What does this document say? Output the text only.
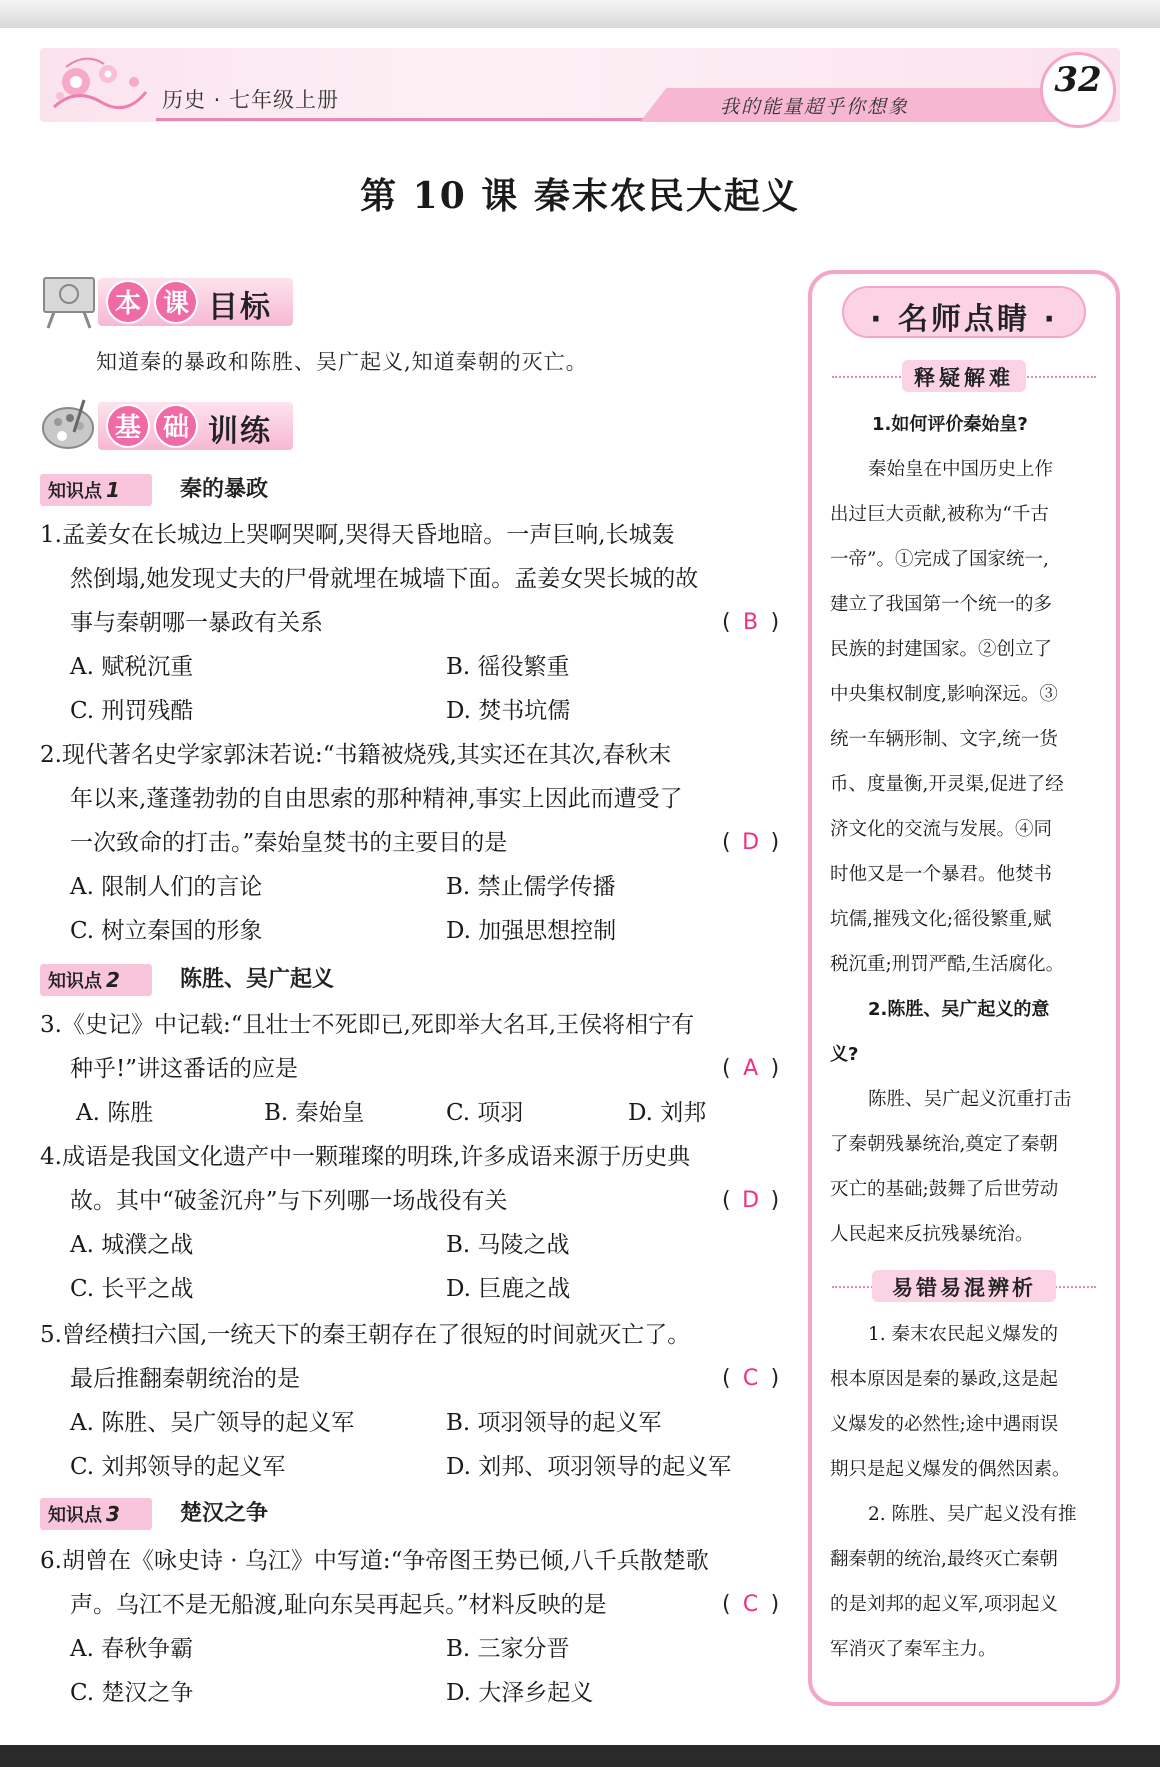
历史 · 七年级上册	我的能量超乎你想象
32
第 10 课 秦末农民大起义
本 课 目标
知道秦的暴政和陈胜、吴广起义,知道秦朝的灭亡。
基 础 训练
知识点 1	秦的暴政
1.孟姜女在长城边上哭啊哭啊,哭得天昏地暗。一声巨响,长城轰
然倒塌,她发现丈夫的尸骨就埋在城墙下面。孟姜女哭长城的故
事与秦朝哪一暴政有关系	( B )
A. 赋税沉重	B. 徭役繁重
C. 刑罚残酷	D. 焚书坑儒
2.现代著名史学家郭沫若说:“书籍被烧残,其实还在其次,春秋末
年以来,蓬蓬勃勃的自由思索的那种精神,事实上因此而遭受了
一次致命的打击。”秦始皇焚书的主要目的是	( D )
A. 限制人们的言论	B. 禁止儒学传播
C. 树立秦国的形象	D. 加强思想控制
知识点 2	陈胜、吴广起义
3.《史记》中记载:“且壮士不死即已,死即举大名耳,王侯将相宁有
种乎!”讲这番话的应是	( A )
A. 陈胜	B. 秦始皇	C. 项羽	D. 刘邦
4.成语是我国文化遗产中一颗璀璨的明珠,许多成语来源于历史典
故。其中“破釜沉舟”与下列哪一场战役有关	( D )
A. 城濮之战	B. 马陵之战
C. 长平之战	D. 巨鹿之战
5.曾经横扫六国,一统天下的秦王朝存在了很短的时间就灭亡了。
最后推翻秦朝统治的是	( C )
A. 陈胜、吴广领导的起义军	B. 项羽领导的起义军
C. 刘邦领导的起义军	D. 刘邦、项羽领导的起义军
知识点 3	楚汉之争
6.胡曾在《咏史诗 · 乌江》中写道:“争帝图王势已倾,八千兵散楚歌
声。乌江不是无船渡,耻向东吴再起兵。”材料反映的是	( C )
A. 春秋争霸	B. 三家分晋
C. 楚汉之争	D. 大泽乡起义
· 名师点睛 ·
释疑解难
1.如何评价秦始皇?
秦始皇在中国历史上作
出过巨大贡献,被称为“千古
一帝”。①完成了国家统一,
建立了我国第一个统一的多
民族的封建国家。②创立了
中央集权制度,影响深远。③
统一车辆形制、文字,统一货
币、度量衡,开灵渠,促进了经
济文化的交流与发展。④同
时他又是一个暴君。他焚书
坑儒,摧残文化;徭役繁重,赋
税沉重;刑罚严酷,生活腐化。
2.陈胜、吴广起义的意
义?
陈胜、吴广起义沉重打击
了秦朝残暴统治,奠定了秦朝
灭亡的基础;鼓舞了后世劳动
人民起来反抗残暴统治。
易错易混辨析
1. 秦末农民起义爆发的
根本原因是秦的暴政,这是起
义爆发的必然性;途中遇雨误
期只是起义爆发的偶然因素。
2. 陈胜、吴广起义没有推
翻秦朝的统治,最终灭亡秦朝
的是刘邦的起义军,项羽起义
军消灭了秦军主力。
